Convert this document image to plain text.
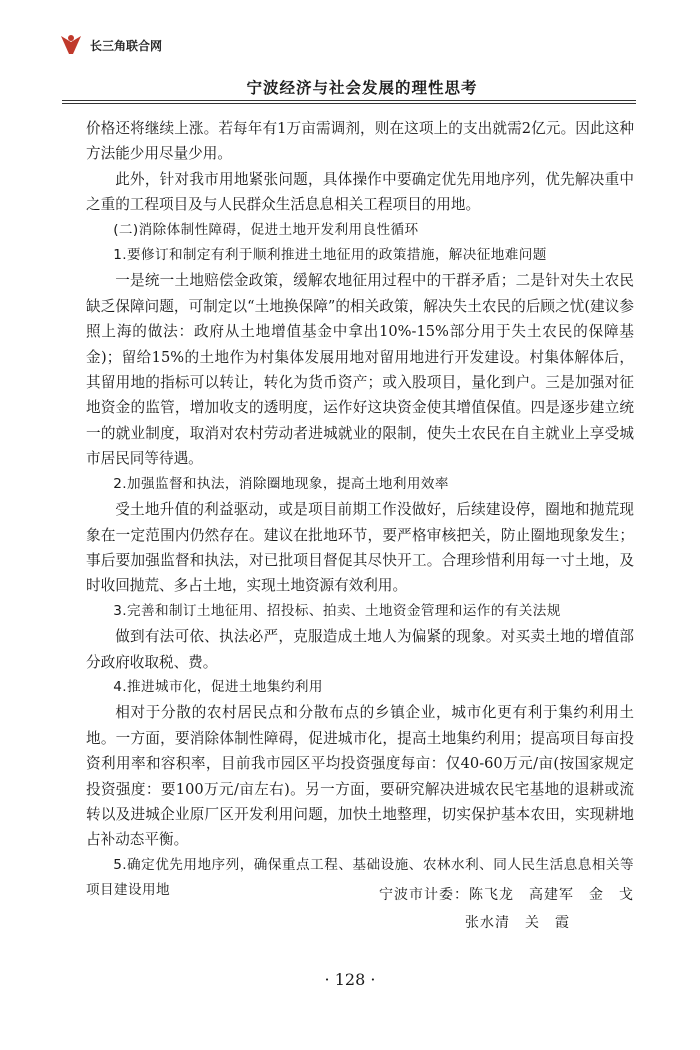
长三角联合网
宁波经济与社会发展的理性思考

价格还将继续上涨。若每年有1万亩需调剂，则在这项上的支出就需2亿元。因此这种方法能少用尽量少用。

此外，针对我市用地紧张问题，具体操作中要确定优先用地序列，优先解决重中之重的工程项目及与人民群众生活息息相关工程项目的用地。

(二)消除体制性障碍，促进土地开发利用良性循环

1.要修订和制定有利于顺利推进土地征用的政策措施，解决征地难问题

一是统一土地赔偿金政策，缓解农地征用过程中的干群矛盾；二是针对失土农民缺乏保障问题，可制定以“土地换保障”的相关政策，解决失土农民的后顾之忧(建议参照上海的做法：政府从土地增值基金中拿出10%-15%部分用于失土农民的保障基金)；留给15%的土地作为村集体发展用地对留用地进行开发建设。村集体解体后，其留用地的指标可以转让，转化为货币资产；或入股项目，量化到户。三是加强对征地资金的监管，增加收支的透明度，运作好这块资金使其增值保值。四是逐步建立统一的就业制度，取消对农村劳动者进城就业的限制，使失土农民在自主就业上享受城市居民同等待遇。

2.加强监督和执法，消除圈地现象，提高土地利用效率

受土地升值的利益驱动，或是项目前期工作没做好，后续建设停，圈地和抛荒现象在一定范围内仍然存在。建议在批地环节，要严格审核把关，防止圈地现象发生；事后要加强监督和执法，对已批项目督促其尽快开工。合理珍惜利用每一寸土地，及时收回抛荒、多占土地，实现土地资源有效利用。

3.完善和制订土地征用、招投标、拍卖、土地资金管理和运作的有关法规

做到有法可依、执法必严，克服造成土地人为偏紧的现象。对买卖土地的增值部分政府收取税、费。

4.推进城市化，促进土地集约利用

相对于分散的农村居民点和分散布点的乡镇企业，城市化更有利于集约利用土地。一方面，要消除体制性障碍，促进城市化，提高土地集约利用；提高项目每亩投资利用率和容积率，目前我市园区平均投资强度每亩：仅40-60万元/亩(按国家规定投资强度：要100万元/亩左右)。另一方面，要研究解决进城农民宅基地的退耕或流转以及进城企业原厂区开发利用问题，加快土地整理，切实保护基本农田，实现耕地占补动态平衡。

5.确定优先用地序列，确保重点工程、基础设施、农林水利、同人民生活息息相关等项目建设用地	宁波市计委：陈飞龙　高建军　金　戈
张水清　关　霞
· 128 ·
